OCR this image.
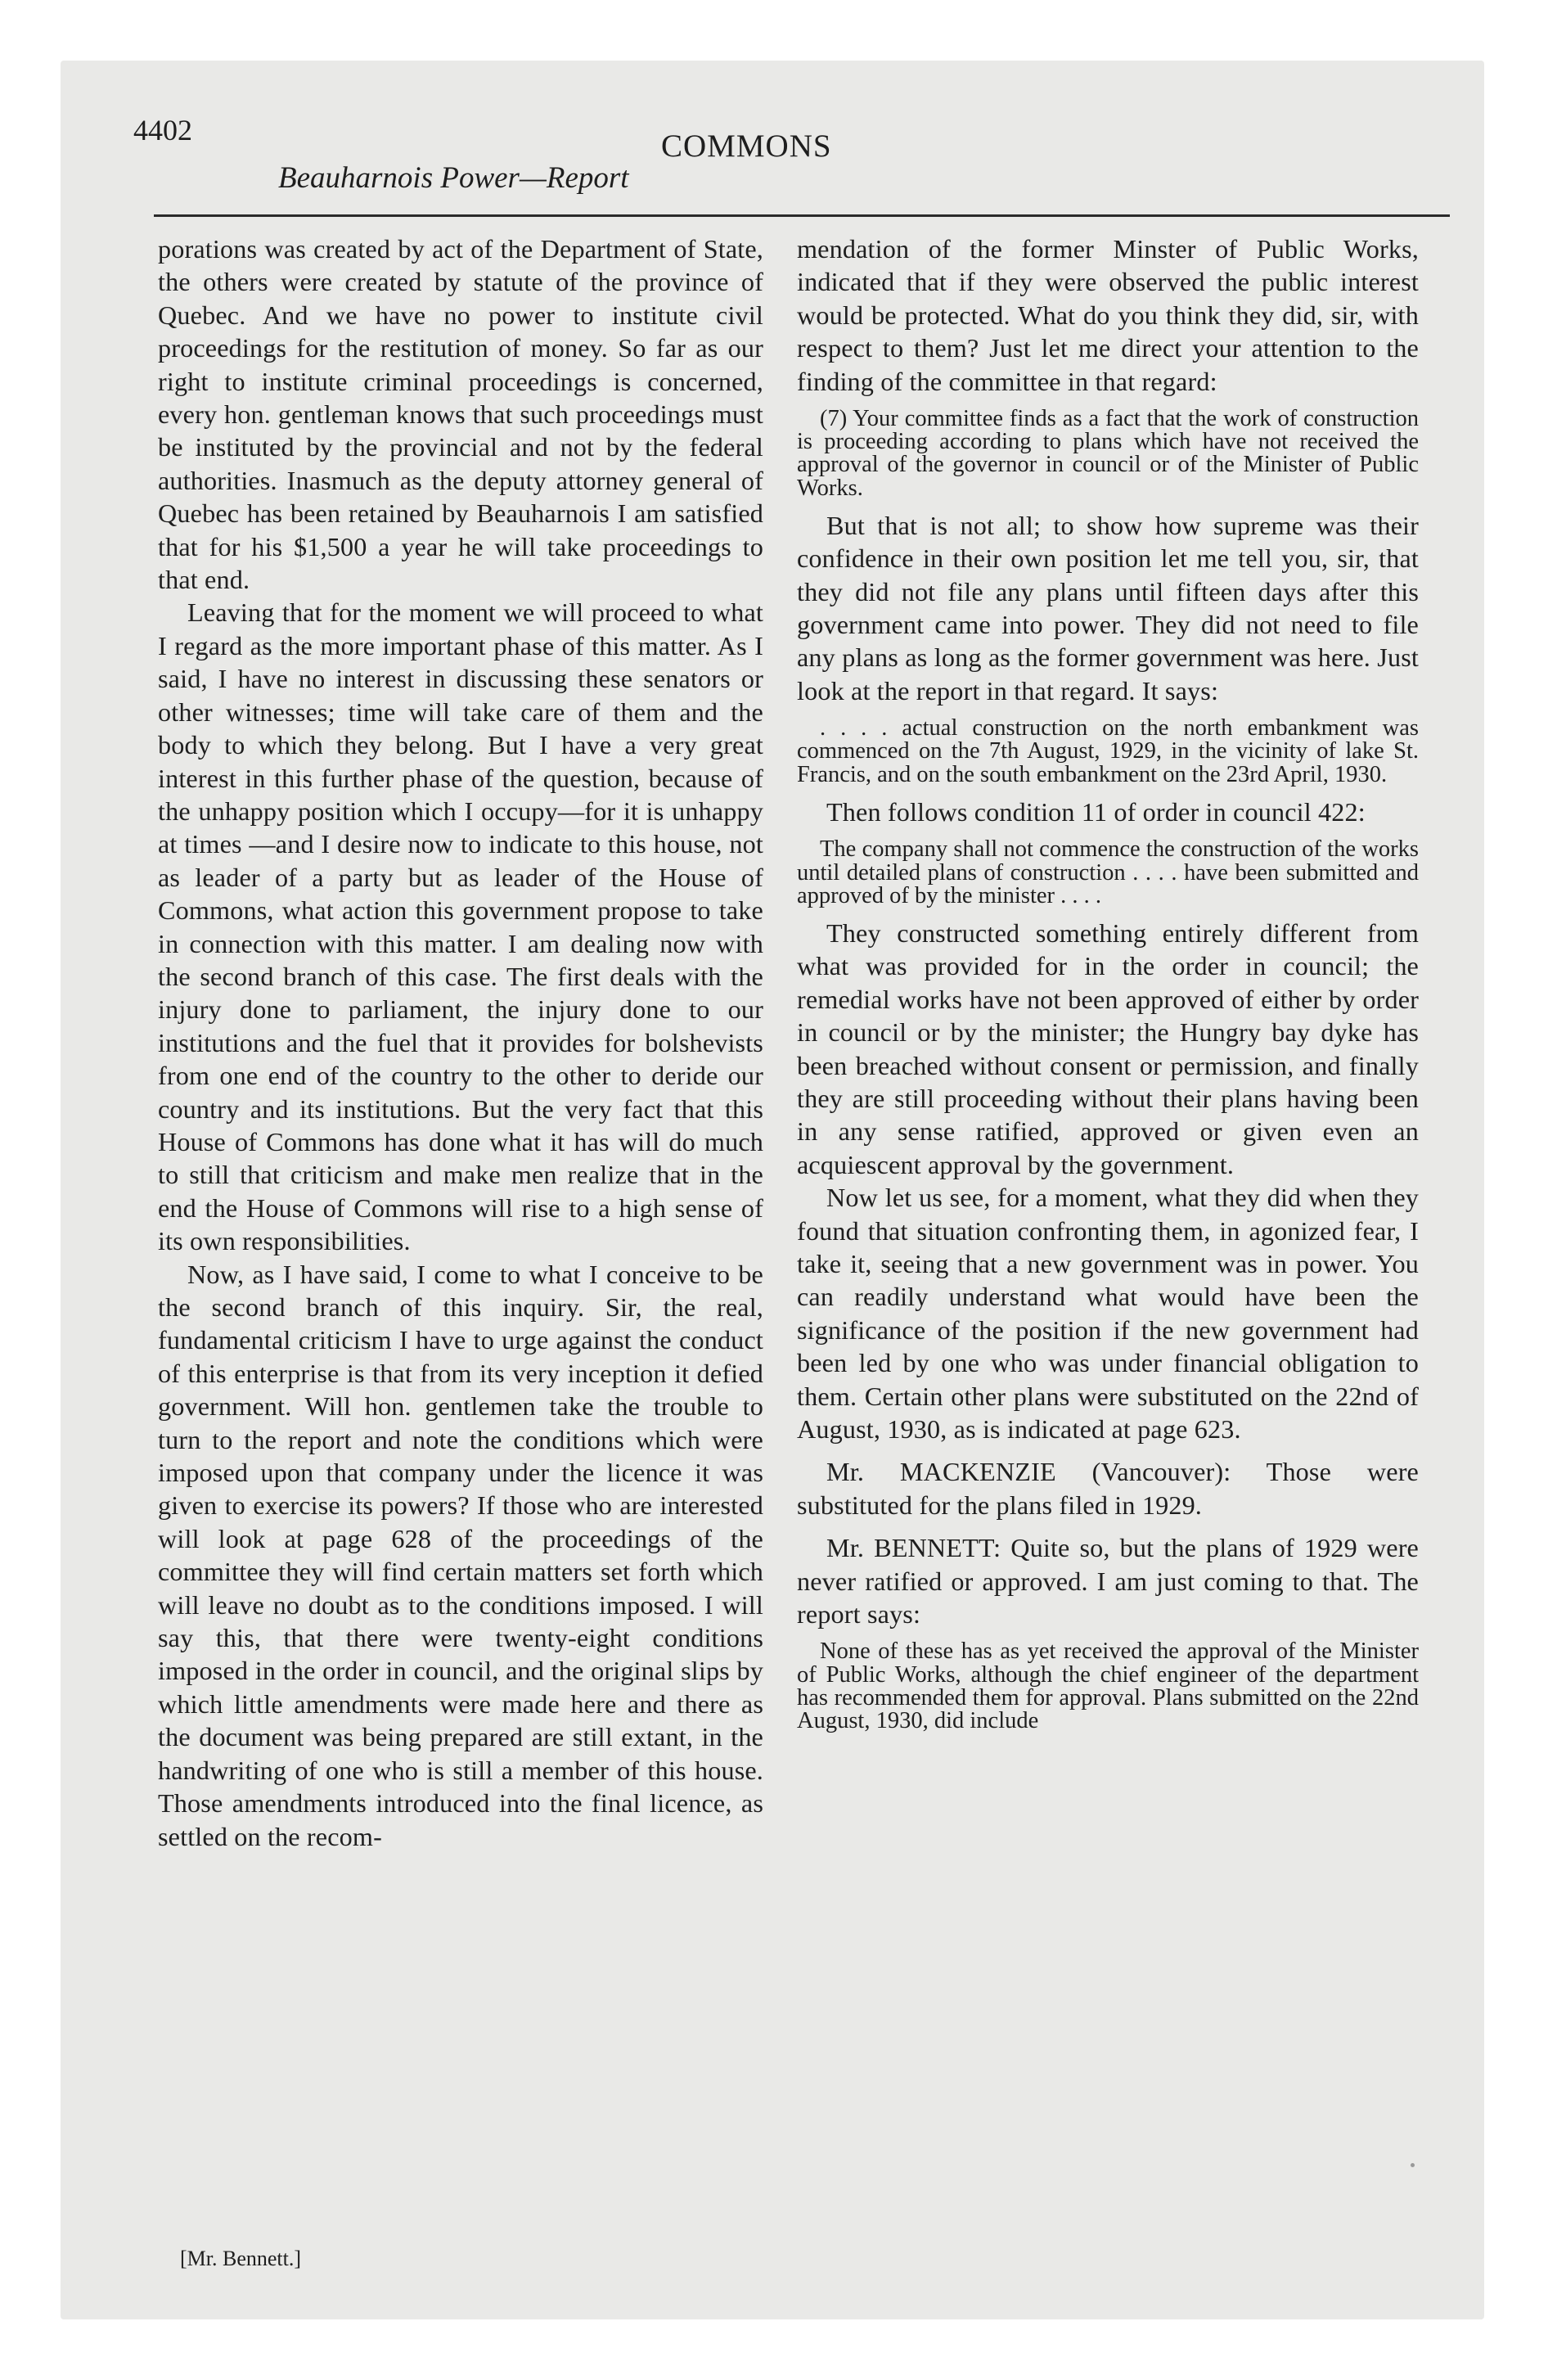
4402	COMMONS
Beauharnois Power—Report

porations was created by act of the Department of State, the others were created by statute of the province of Quebec. And we have no power to institute civil proceedings for the restitution of money. So far as our right to institute criminal proceedings is concerned, every hon. gentleman knows that such proceedings must be instituted by the provincial and not by the federal authorities. Inasmuch as the deputy attorney general of Quebec has been retained by Beauharnois I am satisfied that for his $1,500 a year he will take proceedings to that end.

Leaving that for the moment we will proceed to what I regard as the more important phase of this matter. As I said, I have no interest in discussing these senators or other witnesses; time will take care of them and the body to which they belong. But I have a very great interest in this further phase of the question, because of the unhappy position which I occupy—for it is unhappy at times —and I desire now to indicate to this house, not as leader of a party but as leader of the House of Commons, what action this government propose to take in connection with this matter. I am dealing now with the second branch of this case. The first deals with the injury done to parliament, the injury done to our institutions and the fuel that it provides for bolshevists from one end of the country to the other to deride our country and its institutions. But the very fact that this House of Commons has done what it has will do much to still that criticism and make men realize that in the end the House of Commons will rise to a high sense of its own responsibilities.

Now, as I have said, I come to what I conceive to be the second branch of this inquiry. Sir, the real, fundamental criticism I have to urge against the conduct of this enterprise is that from its very inception it defied government. Will hon. gentlemen take the trouble to turn to the report and note the conditions which were imposed upon that company under the licence it was given to exercise its powers? If those who are interested will look at page 628 of the proceedings of the committee they will find certain matters set forth which will leave no doubt as to the conditions imposed. I will say this, that there were twenty-eight conditions imposed in the order in council, and the original slips by which little amendments were made here and there as the document was being prepared are still extant, in the handwriting of one who is still a member of this house. Those amendments introduced into the final licence, as settled on the recom-

mendation of the former Minster of Public Works, indicated that if they were observed the public interest would be protected. What do you think they did, sir, with respect to them? Just let me direct your attention to the finding of the committee in that regard:

(7) Your committee finds as a fact that the work of construction is proceeding according to plans which have not received the approval of the governor in council or of the Minister of Public Works.

But that is not all; to show how supreme was their confidence in their own position let me tell you, sir, that they did not file any plans until fifteen days after this government came into power. They did not need to file any plans as long as the former government was here. Just look at the report in that regard. It says:

. . . . actual construction on the north embankment was commenced on the 7th August, 1929, in the vicinity of lake St. Francis, and on the south embankment on the 23rd April, 1930.

Then follows condition 11 of order in council 422:

The company shall not commence the construction of the works until detailed plans of construction . . . . have been submitted and approved of by the minister . . . .

They constructed something entirely different from what was provided for in the order in council; the remedial works have not been approved of either by order in council or by the minister; the Hungry bay dyke has been breached without consent or permission, and finally they are still proceeding without their plans having been in any sense ratified, approved or given even an acquiescent approval by the government.

Now let us see, for a moment, what they did when they found that situation confronting them, in agonized fear, I take it, seeing that a new government was in power. You can readily understand what would have been the significance of the position if the new government had been led by one who was under financial obligation to them. Certain other plans were substituted on the 22nd of August, 1930, as is indicated at page 623.

Mr. MACKENZIE (Vancouver): Those were substituted for the plans filed in 1929.

Mr. BENNETT: Quite so, but the plans of 1929 were never ratified or approved. I am just coming to that. The report says:

None of these has as yet received the approval of the Minister of Public Works, although the chief engineer of the department has recommended them for approval. Plans submitted on the 22nd August, 1930, did include

[Mr. Bennett.]
